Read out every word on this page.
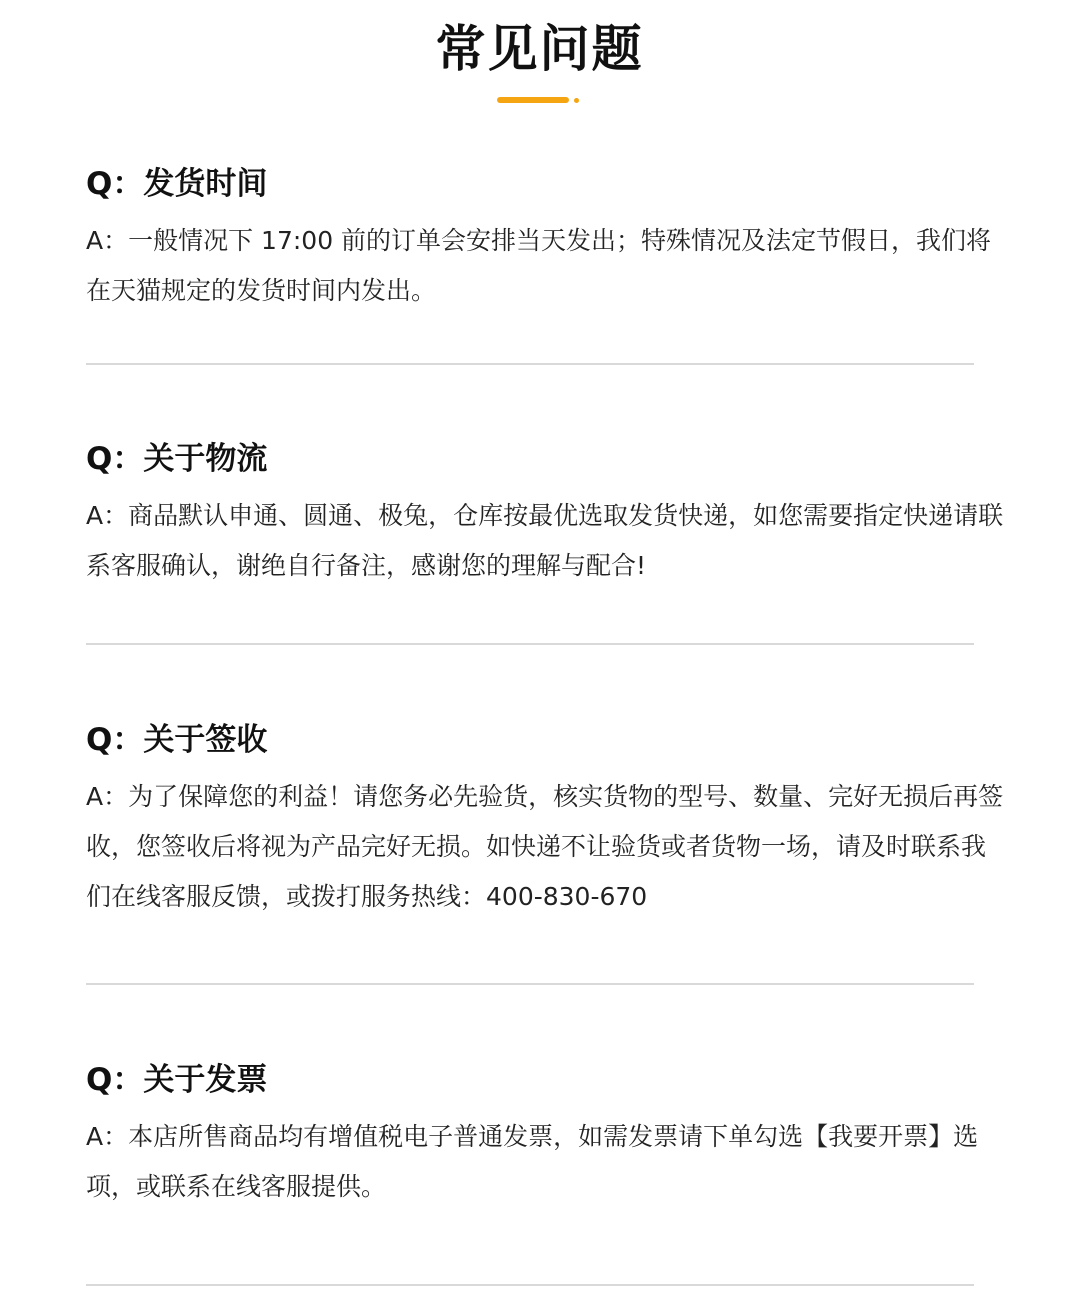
常见问题

Q：发货时间

A：一般情况下 17:00 前的订单会安排当天发出；特殊情况及法定节假日，我们将在天猫规定的发货时间内发出。

Q：关于物流

A：商品默认申通、圆通、极兔，仓库按最优选取发货快递，如您需要指定快递请联系客服确认，谢绝自行备注，感谢您的理解与配合!

Q：关于签收

A：为了保障您的利益！请您务必先验货，核实货物的型号、数量、完好无损后再签收，您签收后将视为产品完好无损。如快递不让验货或者货物一场，请及时联系我们在线客服反馈，或拨打服务热线：400-830-670

Q：关于发票

A：本店所售商品均有增值税电子普通发票，如需发票请下单勾选【我要开票】选项，或联系在线客服提供。
